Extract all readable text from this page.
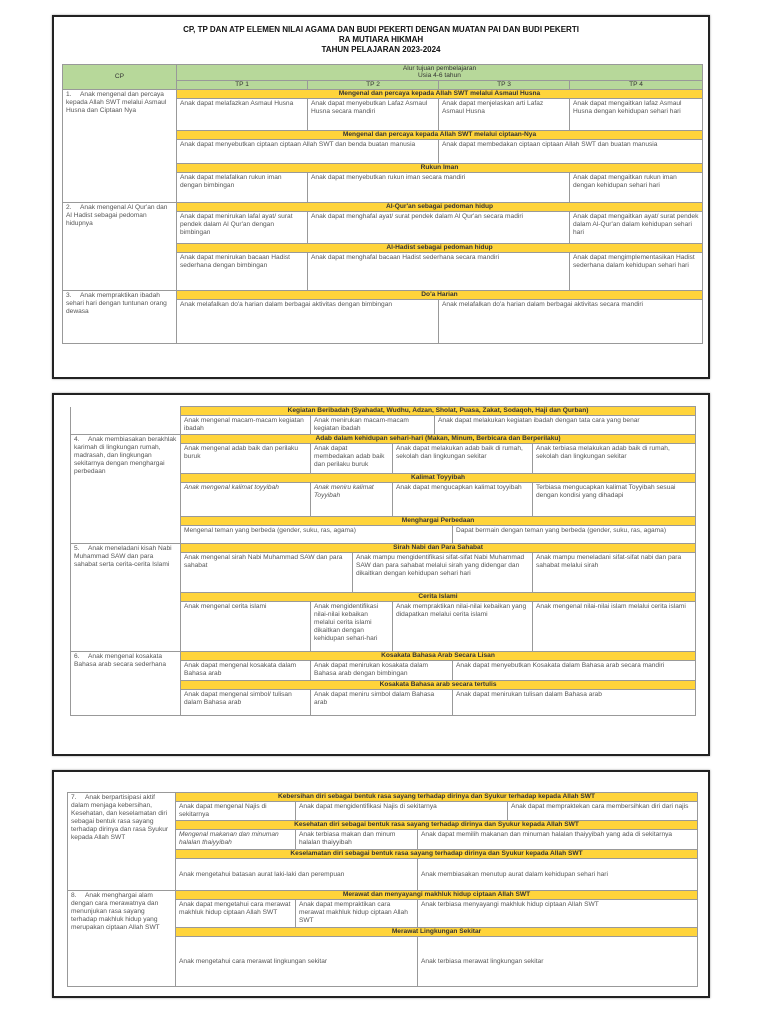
CP, TP DAN ATP ELEMEN NILAI AGAMA DAN BUDI PEKERTI DENGAN MUATAN PAI DAN BUDI PEKERTI
RA MUTIARA HIKMAH
TAHUN PELAJARAN 2023-2024
CP	Alur tujuan pembelajaran
Usia 4-6 tahun			

	TP 1	TP 2	TP 3	TP 4
1. Anak mengenal dan percaya kepada Allah SWT melalui Asmaul Husna dan Ciptaan Nya	Mengenal dan percaya kepada Allah SWT melalui Asmaul Husna			
	Anak dapat melafazkan Asmaul Husna	Anak dapat menyebutkan Lafaz Asmaul Husna secara mandiri	Anak dapat menjelaskan arti Lafaz Asmaul Husna	Anak dapat mengaitkan lafaz Asmaul Husna dengan kehidupan sehari hari
	Mengenal dan percaya kepada Allah SWT melalui ciptaan-Nya			
	Anak dapat menyebutkan ciptaan ciptaan Allah SWT dan benda buatan manusia		Anak dapat membedakan ciptaan ciptaan Allah SWT dan buatan manusia	
	Rukun Iman			
	Anak dapat melafalkan rukun iman dengan bimbingan	Anak dapat menyebutkan rukun iman secara mandiri		Anak dapat mengaitkan rukun iman dengan kehidupan sehari hari
2. Anak mengenal Al Qur'an dan Al Hadist sebagai pedoman hidupnya	Al-Qur'an sebagai pedoman hidup			
	Anak dapat menirukan lafal ayat/ surat pendek dalam Al Qur'an dengan bimbingan	Anak dapat menghafal ayat/ surat pendek dalam Al Qur'an secara madiri		Anak dapat mengaitkan ayat/ surat pendek dalam Al-Qur'an dalam kehidupan sehari hari
	Al-Hadist sebagai pedoman hidup			
	Anak dapat menirukan bacaan Hadist sederhana dengan bimbingan	Anak dapat menghafal bacaan Hadist sederhana secara mandiri		Anak dapat mengimplementasikan Hadist sederhana dalam kehidupan sehari hari
3. Anak mempraktikan ibadah sehari hari dengan tuntunan orang dewasa	Do'a Harian			
	Anak melafalkan do'a harian dalam berbagai aktivitas dengan bimbingan		Anak melafalkan do'a harian dalam berbagai aktivitas secara mandiri	
	Kegiatan Beribadah (Syahadat, Wudhu, Adzan, Sholat, Puasa, Zakat, Sodaqoh, Haji dan Qurban)						
	Anak mengenal macam-macam kegiatan ibadah	Anak menirukan macam-macam kegiatan ibadah			Anak dapat melakukan kegiatan ibadah dengan tata cara yang benar		
4. Anak membiasakan berakhlak karimah di lingkungan rumah, madrasah, dan lingkungan sekitarnya dengan menghargai perbedaan	Adab dalam kehidupan sehari-hari (Makan, Minum, Berbicara dan Berperilaku)						
	Anak mengenal adab baik dan perilaku buruk	Anak dapat membedakan adab baik dan perilaku buruk		Anak dapat melakukan adab baik di rumah, sekolah dan lingkungan sekitar			Anak terbiasa melakukan adab baik di rumah, sekolah dan lingkungan sekitar
	Kalimat Toyyibah						
	Anak mengenal kalimat toyyibah	Anak meniru kalimat Toyyibah		Anak dapat mengucapkan kalimat toyyibah			Terbiasa mengucapkan kalimat Toyyibah sesuai dengan kondisi yang dihadapi
	Menghargai Perbedaan						
	Mengenal teman yang berbeda (gender, suku, ras, agama)					Dapat bermain dengan teman yang berbeda (gender, suku, ras, agama)	
5. Anak meneladani kisah Nabi Muhammad SAW dan para sahabat serta cerita-cerita Islami	Sirah Nabi dan Para Sahabat						
	Anak mengenal sirah Nabi Muhammad SAW dan para sahabat		Anak mampu mengidentifikasi sifat-sifat Nabi Muhammad SAW dan para sahabat melalui sirah yang didengar dan dikaitkan dengan kehidupan sehari hari				Anak mampu meneladani sifat-sifat nabi dan para sahabat melalui sirah
	Cerita Islami						
	Anak mengenal cerita islami	Anak mengidentifikasi nilai-nilai kebaikan melalui cerita islami dikaitkan dengan kehidupan sehari-hari		Anak mempraktikan nilai-nilai kebaikan yang didapatkan melalui cerita islami			Anak mengenal nilai-nilai islam melalui cerita islami
6. Anak mengenal kosakata Bahasa arab secara sederhana	Kosakata Bahasa Arab Secara Lisan						
	Anak dapat mengenal kosakata dalam Bahasa arab	Anak dapat menirukan kosakata dalam Bahasa arab dengan bimbingan				Anak dapat menyebutkan Kosakata dalam Bahasa arab secara mandiri	
	Kosakata Bahasa arab secara tertulis						
	Anak dapat mengenal simbol/ tulisan dalam Bahasa arab	Anak dapat meniru simbol dalam Bahasa arab				Anak dapat menirukan tulisan dalam Bahasa arab	
7. Anak berpartisipasi aktif dalam menjaga kebersihan, Kesehatan, dan keselamatan diri sebagai bentuk rasa sayang terhadap dirinya dan rasa Syukur kepada Allah SWT	Kebersihan diri sebagai bentuk rasa sayang terhadap dirinya dan Syukur terhadap kepada Allah SWT			
	Anak dapat mengenal Najis di sekitarnya	Anak dapat mengidentifikasi Najis di sekitarnya		Anak dapat mempraktekan cara membersihkan diri dari najis
	Kesehatan diri sebagai bentuk rasa sayang terhadap dirinya dan Syukur kepada Allah SWT			
	Mengenal makanan dan minuman halalan thaiyyibah	Anak terbiasa makan dan minum halalan thaiyyibah	Anak dapat memilih makanan dan minuman halalan thaiyyibah yang ada di sekitarnya	
	Keselamatan diri sebagai bentuk rasa sayang terhadap dirinya dan Syukur kepada Allah SWT			
	Anak mengetahui batasan aurat laki-laki dan perempuan		Anak membiasakan menutup aurat dalam kehidupan sehari hari	
8. Anak menghargai alam dengan cara merawatnya dan menunjukan rasa sayang terhadap makhluk hidup yang merupakan ciptaan Allah SWT	Merawat dan menyayangi makhluk hidup ciptaan Allah SWT			
	Anak dapat mengetahui cara merawat makhluk hidup ciptaan Allah SWT	Anak dapat mempraktikan cara merawat makhluk hidup ciptaan Allah SWT	Anak terbiasa menyayangi makhluk hidup ciptaan Allah SWT	
	Merawat Lingkungan Sekitar			
	Anak mengetahui cara merawat lingkungan sekitar		Anak terbiasa merawat lingkungan sekitar	
